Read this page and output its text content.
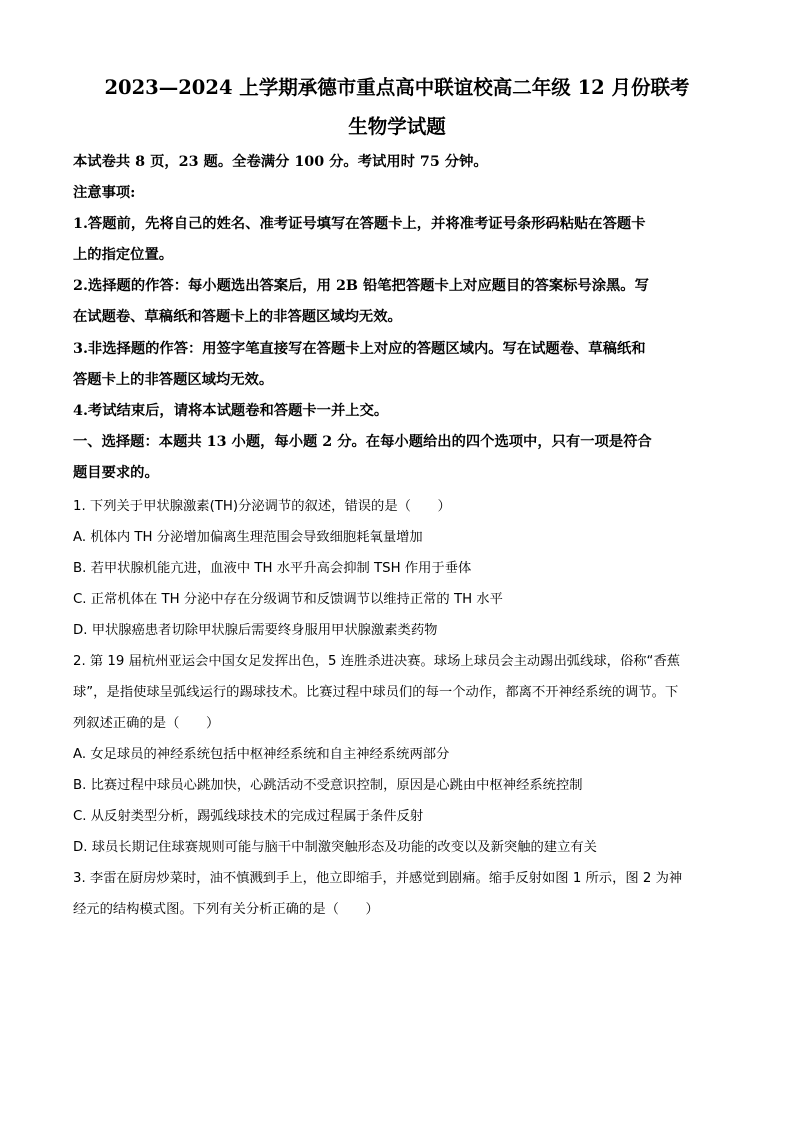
2023—2024 上学期承德市重点高中联谊校高二年级 12 月份联考
生物学试题
本试卷共 8 页，23 题。全卷满分 100 分。考试用时 75 分钟。
注意事项:
1.答题前，先将自己的姓名、准考证号填写在答题卡上，并将准考证号条形码粘贴在答题卡
上的指定位置。
2.选择题的作答：每小题选出答案后，用 2B 铅笔把答题卡上对应题目的答案标号涂黑。写
在试题卷、草稿纸和答题卡上的非答题区域均无效。
3.非选择题的作答：用签字笔直接写在答题卡上对应的答题区域内。写在试题卷、草稿纸和
答题卡上的非答题区域均无效。
4.考试结束后，请将本试题卷和答题卡一并上交。
一、选择题：本题共 13 小题，每小题 2 分。在每小题给出的四个选项中，只有一项是符合
题目要求的。
1. 下列关于甲状腺激素(TH)分泌调节的叙述，错误的是（　　）
A. 机体内 TH 分泌增加偏离生理范围会导致细胞耗氧量增加
B. 若甲状腺机能亢进，血液中 TH 水平升高会抑制 TSH 作用于垂体
C. 正常机体在 TH 分泌中存在分级调节和反馈调节以维持正常的 TH 水平
D. 甲状腺癌患者切除甲状腺后需要终身服用甲状腺激素类药物
2. 第 19 届杭州亚运会中国女足发挥出色，5 连胜杀进决赛。球场上球员会主动踢出弧线球，俗称“香蕉
球”，是指使球呈弧线运行的踢球技术。比赛过程中球员们的每一个动作，都离不开神经系统的调节。下
列叙述正确的是（　　）
A. 女足球员的神经系统包括中枢神经系统和自主神经系统两部分
B. 比赛过程中球员心跳加快，心跳活动不受意识控制，原因是心跳由中枢神经系统控制
C. 从反射类型分析，踢弧线球技术的完成过程属于条件反射
D. 球员长期记住球赛规则可能与脑干中制激突触形态及功能的改变以及新突触的建立有关
3. 李雷在厨房炒菜时，油不慎溅到手上，他立即缩手，并感觉到剧痛。缩手反射如图 1 所示，图 2 为神
经元的结构模式图。下列有关分析正确的是（　　）
